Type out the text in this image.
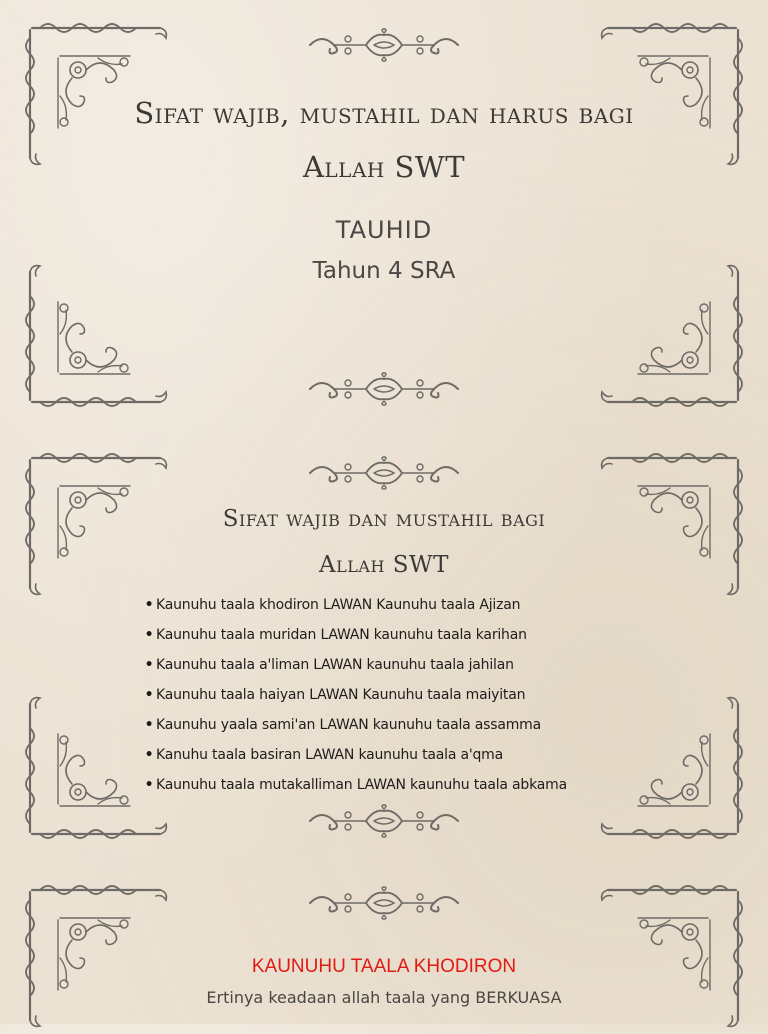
Sifat wajib, mustahil dan harus bagi
Allah SWT

TAUHID

Tahun 4 SRA

Sifat wajib dan mustahil bagi
Allah SWT
• Kaunuhu taala khodiron LAWAN Kaunuhu taala Ajizan
• Kaunuhu taala muridan LAWAN kaunuhu taala karihan
• Kaunuhu taala a'liman LAWAN kaunuhu taala jahilan
• Kaunuhu taala haiyan LAWAN Kaunuhu taala maiyitan
• Kaunuhu yaala sami'an LAWAN kaunuhu taala assamma
• Kanuhu taala basiran LAWAN kaunuhu taala a'qma
• Kaunuhu taala mutakalliman LAWAN kaunuhu taala abkama
KAUNUHU TAALA KHODIRON

Ertinya keadaan allah taala yang BERKUASA
